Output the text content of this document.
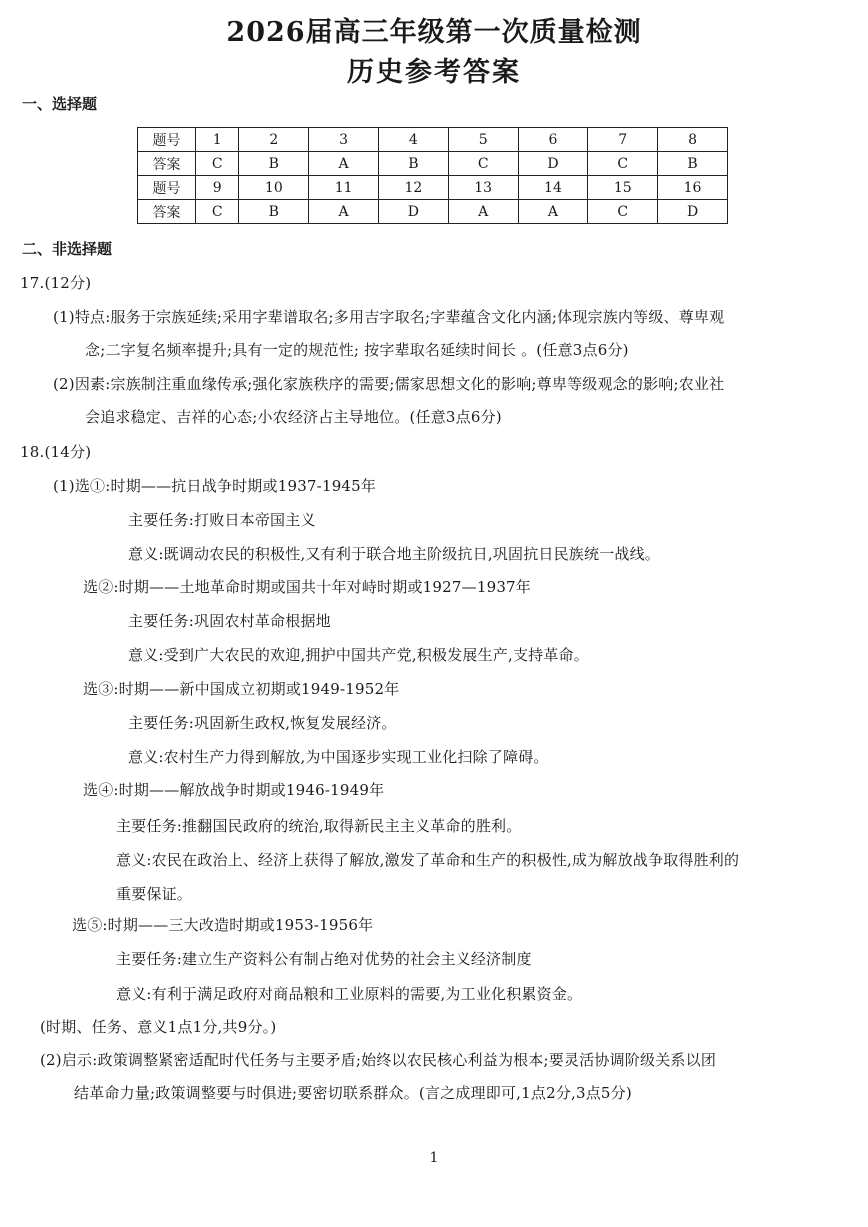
2026届高三年级第一次质量检测
历史参考答案
一、选择题
题号	1	2	3	4	5	6	7	8
答案	C	B	A	B	C	D	C	B
题号	9	10	11	12	13	14	15	16
答案	C	B	A	D	A	A	C	D
二、非选择题
17.(12分)
(1)特点:服务于宗族延续;采用字辈谱取名;多用吉字取名;字辈蕴含文化内涵;体现宗族内等级、尊卑观
念;二字复名频率提升;具有一定的规范性; 按字辈取名延续时间长 。(任意3点6分)
(2)因素:宗族制注重血缘传承;强化家族秩序的需要;儒家思想文化的影响;尊卑等级观念的影响;农业社
会追求稳定、吉祥的心态;小农经济占主导地位。(任意3点6分)
18.(14分)
(1)选①:时期——抗日战争时期或1937-1945年
主要任务:打败日本帝国主义
意义:既调动农民的积极性,又有利于联合地主阶级抗日,巩固抗日民族统一战线。
选②:时期——土地革命时期或国共十年对峙时期或1927—1937年
主要任务:巩固农村革命根据地
意义:受到广大农民的欢迎,拥护中国共产党,积极发展生产,支持革命。
选③:时期——新中国成立初期或1949-1952年
主要任务:巩固新生政权,恢复发展经济。
意义:农村生产力得到解放,为中国逐步实现工业化扫除了障碍。
选④:时期——解放战争时期或1946-1949年
主要任务:推翻国民政府的统治,取得新民主主义革命的胜利。
意义:农民在政治上、经济上获得了解放,激发了革命和生产的积极性,成为解放战争取得胜利的
重要保证。
选⑤:时期——三大改造时期或1953-1956年
主要任务:建立生产资料公有制占绝对优势的社会主义经济制度
意义:有利于满足政府对商品粮和工业原料的需要,为工业化积累资金。
(时期、任务、意义1点1分,共9分。)
(2)启示:政策调整紧密适配时代任务与主要矛盾;始终以农民核心利益为根本;要灵活协调阶级关系以团
结革命力量;政策调整要与时俱进;要密切联系群众。(言之成理即可,1点2分,3点5分)
1
